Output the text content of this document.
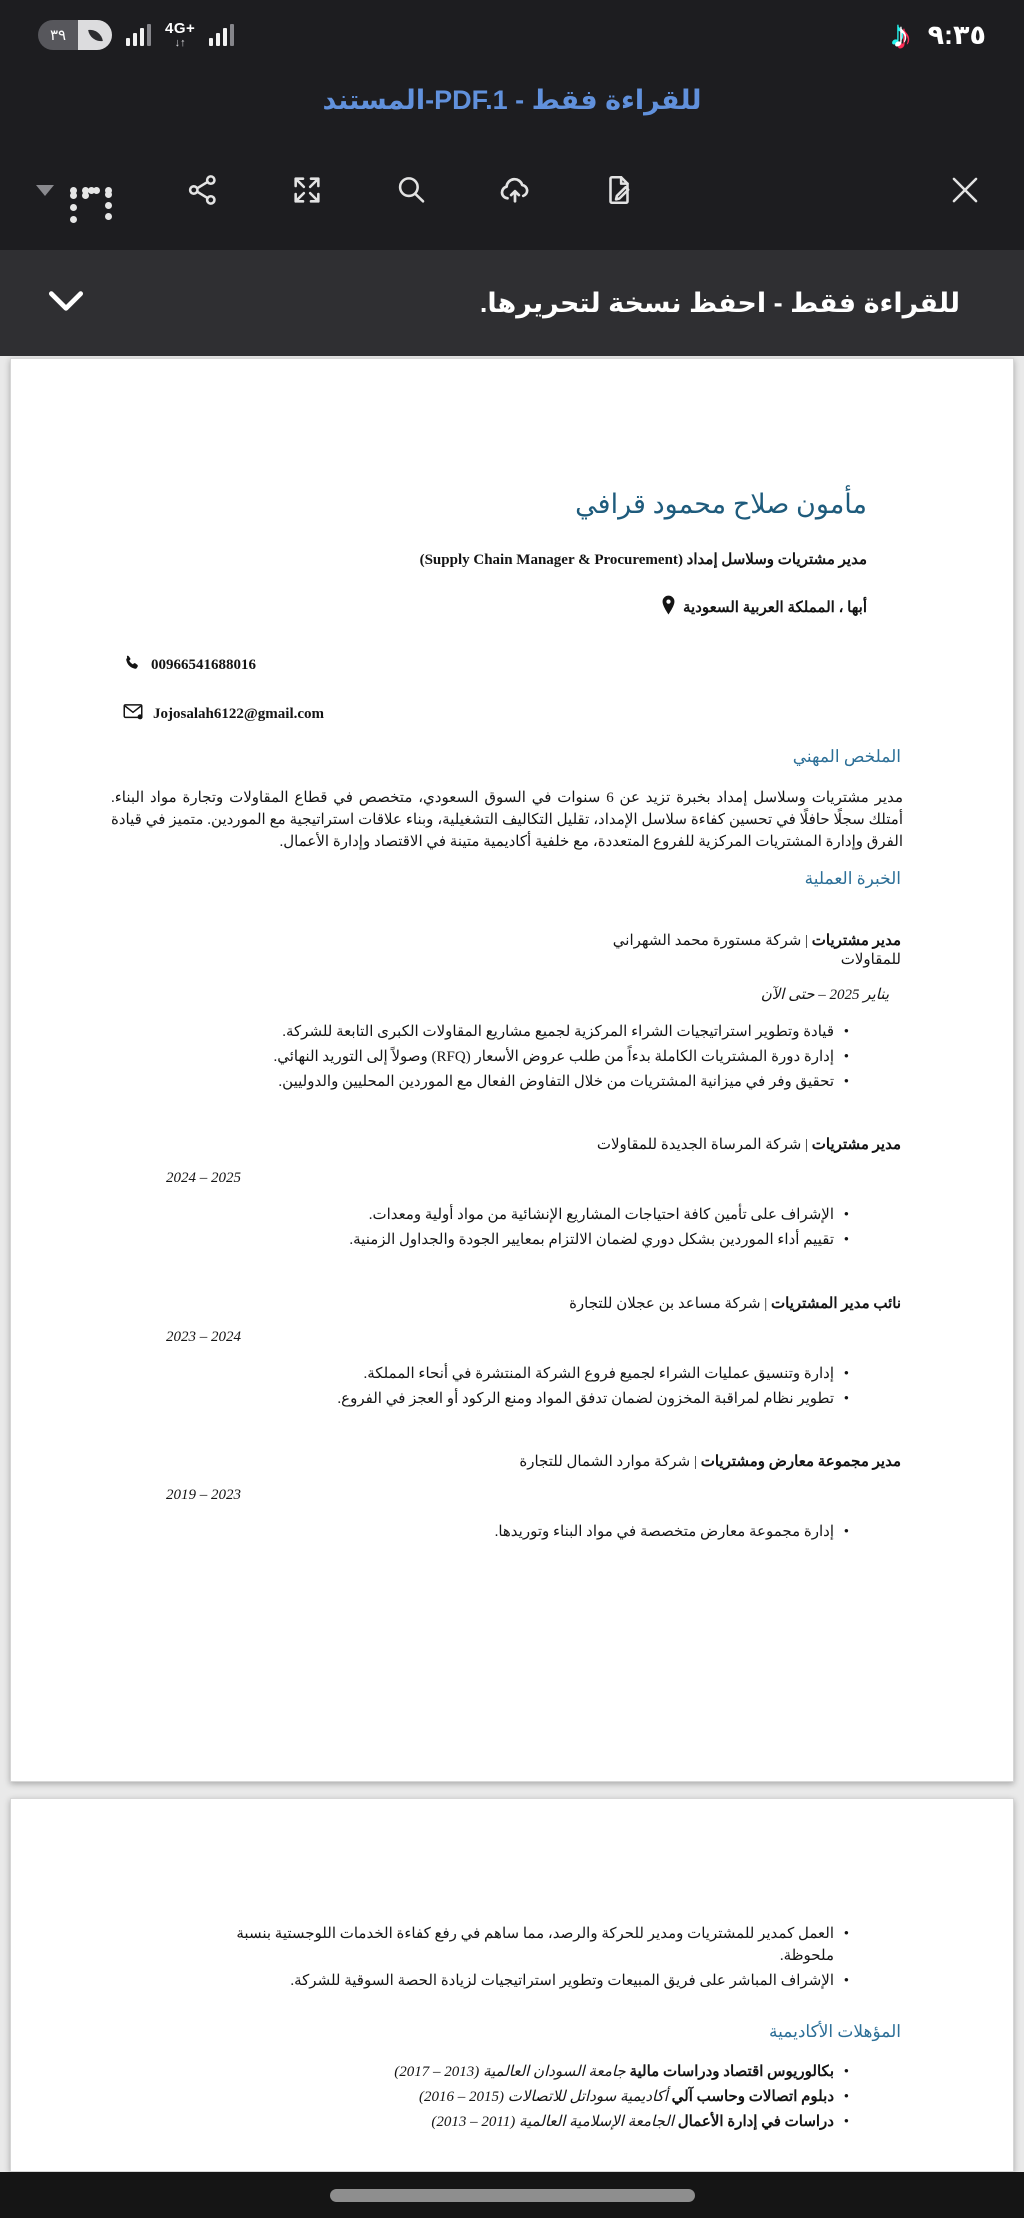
٣٩	4G+
↓↑	♪ ٩:٣٥
المستند-PDF.1 - للقراءة فقط
للقراءة فقط - احفظ نسخة لتحريرها.
مأمون صلاح محمود قرافي

مدير مشتريات وسلاسل إمداد (Supply Chain Manager & Procurement)

أبها ، المملكة العربية السعودية
00966541688016
Jojosalah6122@gmail.com
الملخص المهني

مدير مشتريات وسلاسل إمداد بخبرة تزيد عن 6 سنوات في السوق السعودي، متخصص في قطاع المقاولات وتجارة مواد البناء. أمتلك سجلًا حافلًا في تحسين كفاءة سلاسل الإمداد، تقليل التكاليف التشغيلية، وبناء علاقات استراتيجية مع الموردين. متميز في قيادة الفرق وإدارة المشتريات المركزية للفروع المتعددة، مع خلفية أكاديمية متينة في الاقتصاد وإدارة الأعمال.

الخبرة العملية
مدير مشتريات | شركة مستورة محمد الشهراني
للمقاولات

يناير 2025 – حتى الآن

• قيادة وتطوير استراتيجيات الشراء المركزية لجميع مشاريع المقاولات الكبرى التابعة للشركة.
• إدارة دورة المشتريات الكاملة بدءاً من طلب عروض الأسعار (RFQ) وصولاً إلى التوريد النهائي.
• تحقيق وفر في ميزانية المشتريات من خلال التفاوض الفعال مع الموردين المحليين والدوليين.
مدير مشتريات | شركة المرساة الجديدة للمقاولات

2024 – 2025

• الإشراف على تأمين كافة احتياجات المشاريع الإنشائية من مواد أولية ومعدات.
• تقييم أداء الموردين بشكل دوري لضمان الالتزام بمعايير الجودة والجداول الزمنية.
نائب مدير المشتريات | شركة مساعد بن عجلان للتجارة

2023 – 2024

• إدارة وتنسيق عمليات الشراء لجميع فروع الشركة المنتشرة في أنحاء المملكة.
• تطوير نظام لمراقبة المخزون لضمان تدفق المواد ومنع الركود أو العجز في الفروع.
مدير مجموعة معارض ومشتريات | شركة موارد الشمال للتجارة

2019 – 2023

• إدارة مجموعة معارض متخصصة في مواد البناء وتوريدها.
• العمل كمدير للمشتريات ومدير للحركة والرصد، مما ساهم في رفع كفاءة الخدمات اللوجستية بنسبة ملحوظة.
• الإشراف المباشر على فريق المبيعات وتطوير استراتيجيات لزيادة الحصة السوقية للشركة.
المؤهلات الأكاديمية
• بكالوريوس اقتصاد ودراسات مالية جامعة السودان العالمية (2013 – 2017)
• دبلوم اتصالات وحاسب آلي أكاديمية سوداتل للاتصالات (2015 – 2016)
• دراسات في إدارة الأعمال الجامعة الإسلامية العالمية (2011 – 2013)
